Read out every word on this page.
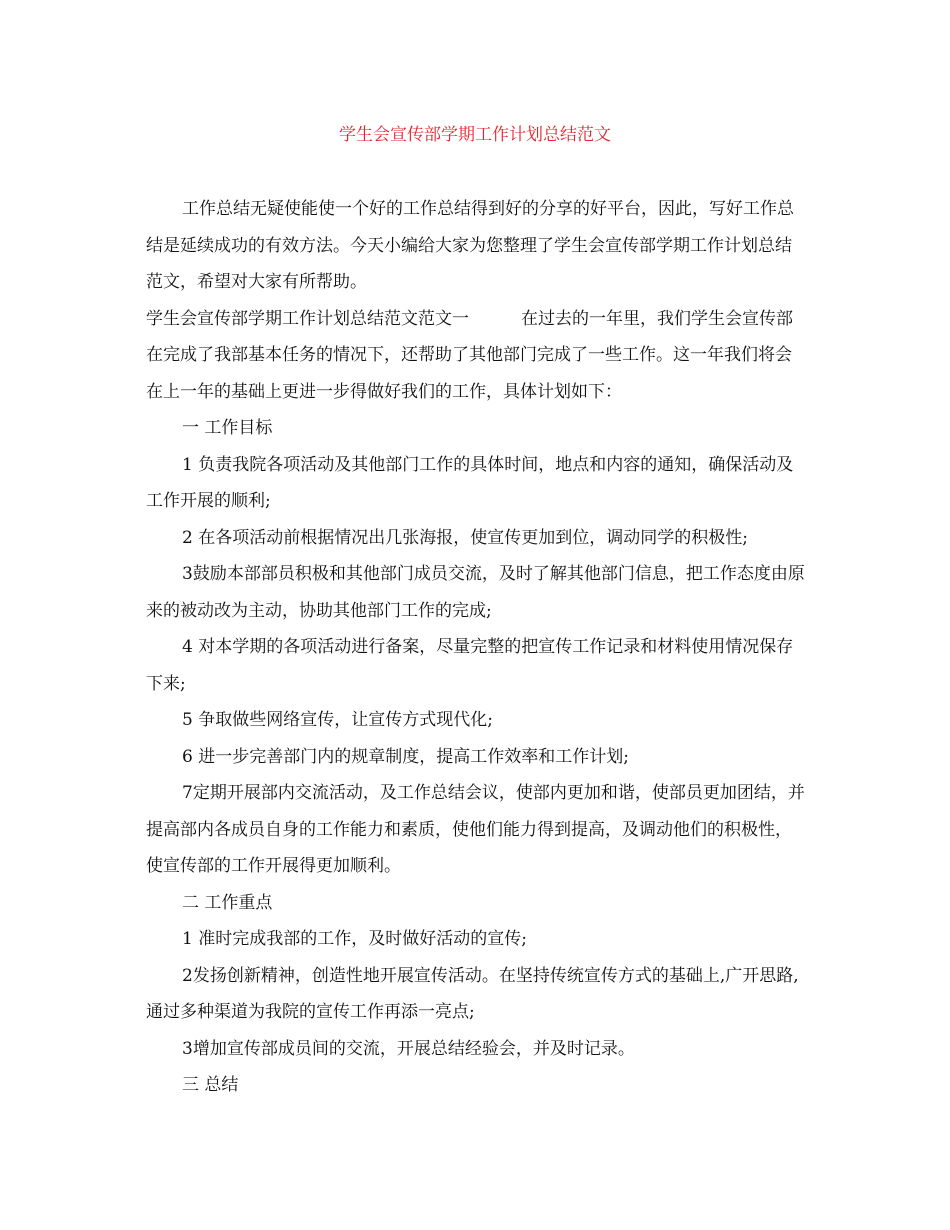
学生会宣传部学期工作计划总结范文

工作总结无疑使能使一个好的工作总结得到好的分享的好平台，因此，写好工作总结是延续成功的有效方法。今天小编给大家为您整理了学生会宣传部学期工作计划总结范文，希望对大家有所帮助。

学生会宣传部学期工作计划总结范文范文一	在过去的一年里，我们学生会宣传部在完成了我部基本任务的情况下，还帮助了其他部门完成了一些工作。这一年我们将会在上一年的基础上更进一步得做好我们的工作，具体计划如下：

一 工作目标

1 负责我院各项活动及其他部门工作的具体时间，地点和内容的通知，确保活动及工作开展的顺利;

2 在各项活动前根据情况出几张海报，使宣传更加到位，调动同学的积极性;

3鼓励本部部员积极和其他部门成员交流，及时了解其他部门信息，把工作态度由原来的被动改为主动，协助其他部门工作的完成;

4 对本学期的各项活动进行备案，尽量完整的把宣传工作记录和材料使用情况保存下来;

5 争取做些网络宣传，让宣传方式现代化;

6 进一步完善部门内的规章制度，提高工作效率和工作计划;

7定期开展部内交流活动，及工作总结会议，使部内更加和谐，使部员更加团结，并提高部内各成员自身的工作能力和素质，使他们能力得到提高，及调动他们的积极性，使宣传部的工作开展得更加顺利。

二 工作重点

1 准时完成我部的工作，及时做好活动的宣传;

2发扬创新精神，创造性地开展宣传活动。在坚持传统宣传方式的基础上,广开思路,通过多种渠道为我院的宣传工作再添一亮点;

3增加宣传部成员间的交流，开展总结经验会，并及时记录。

三 总结
